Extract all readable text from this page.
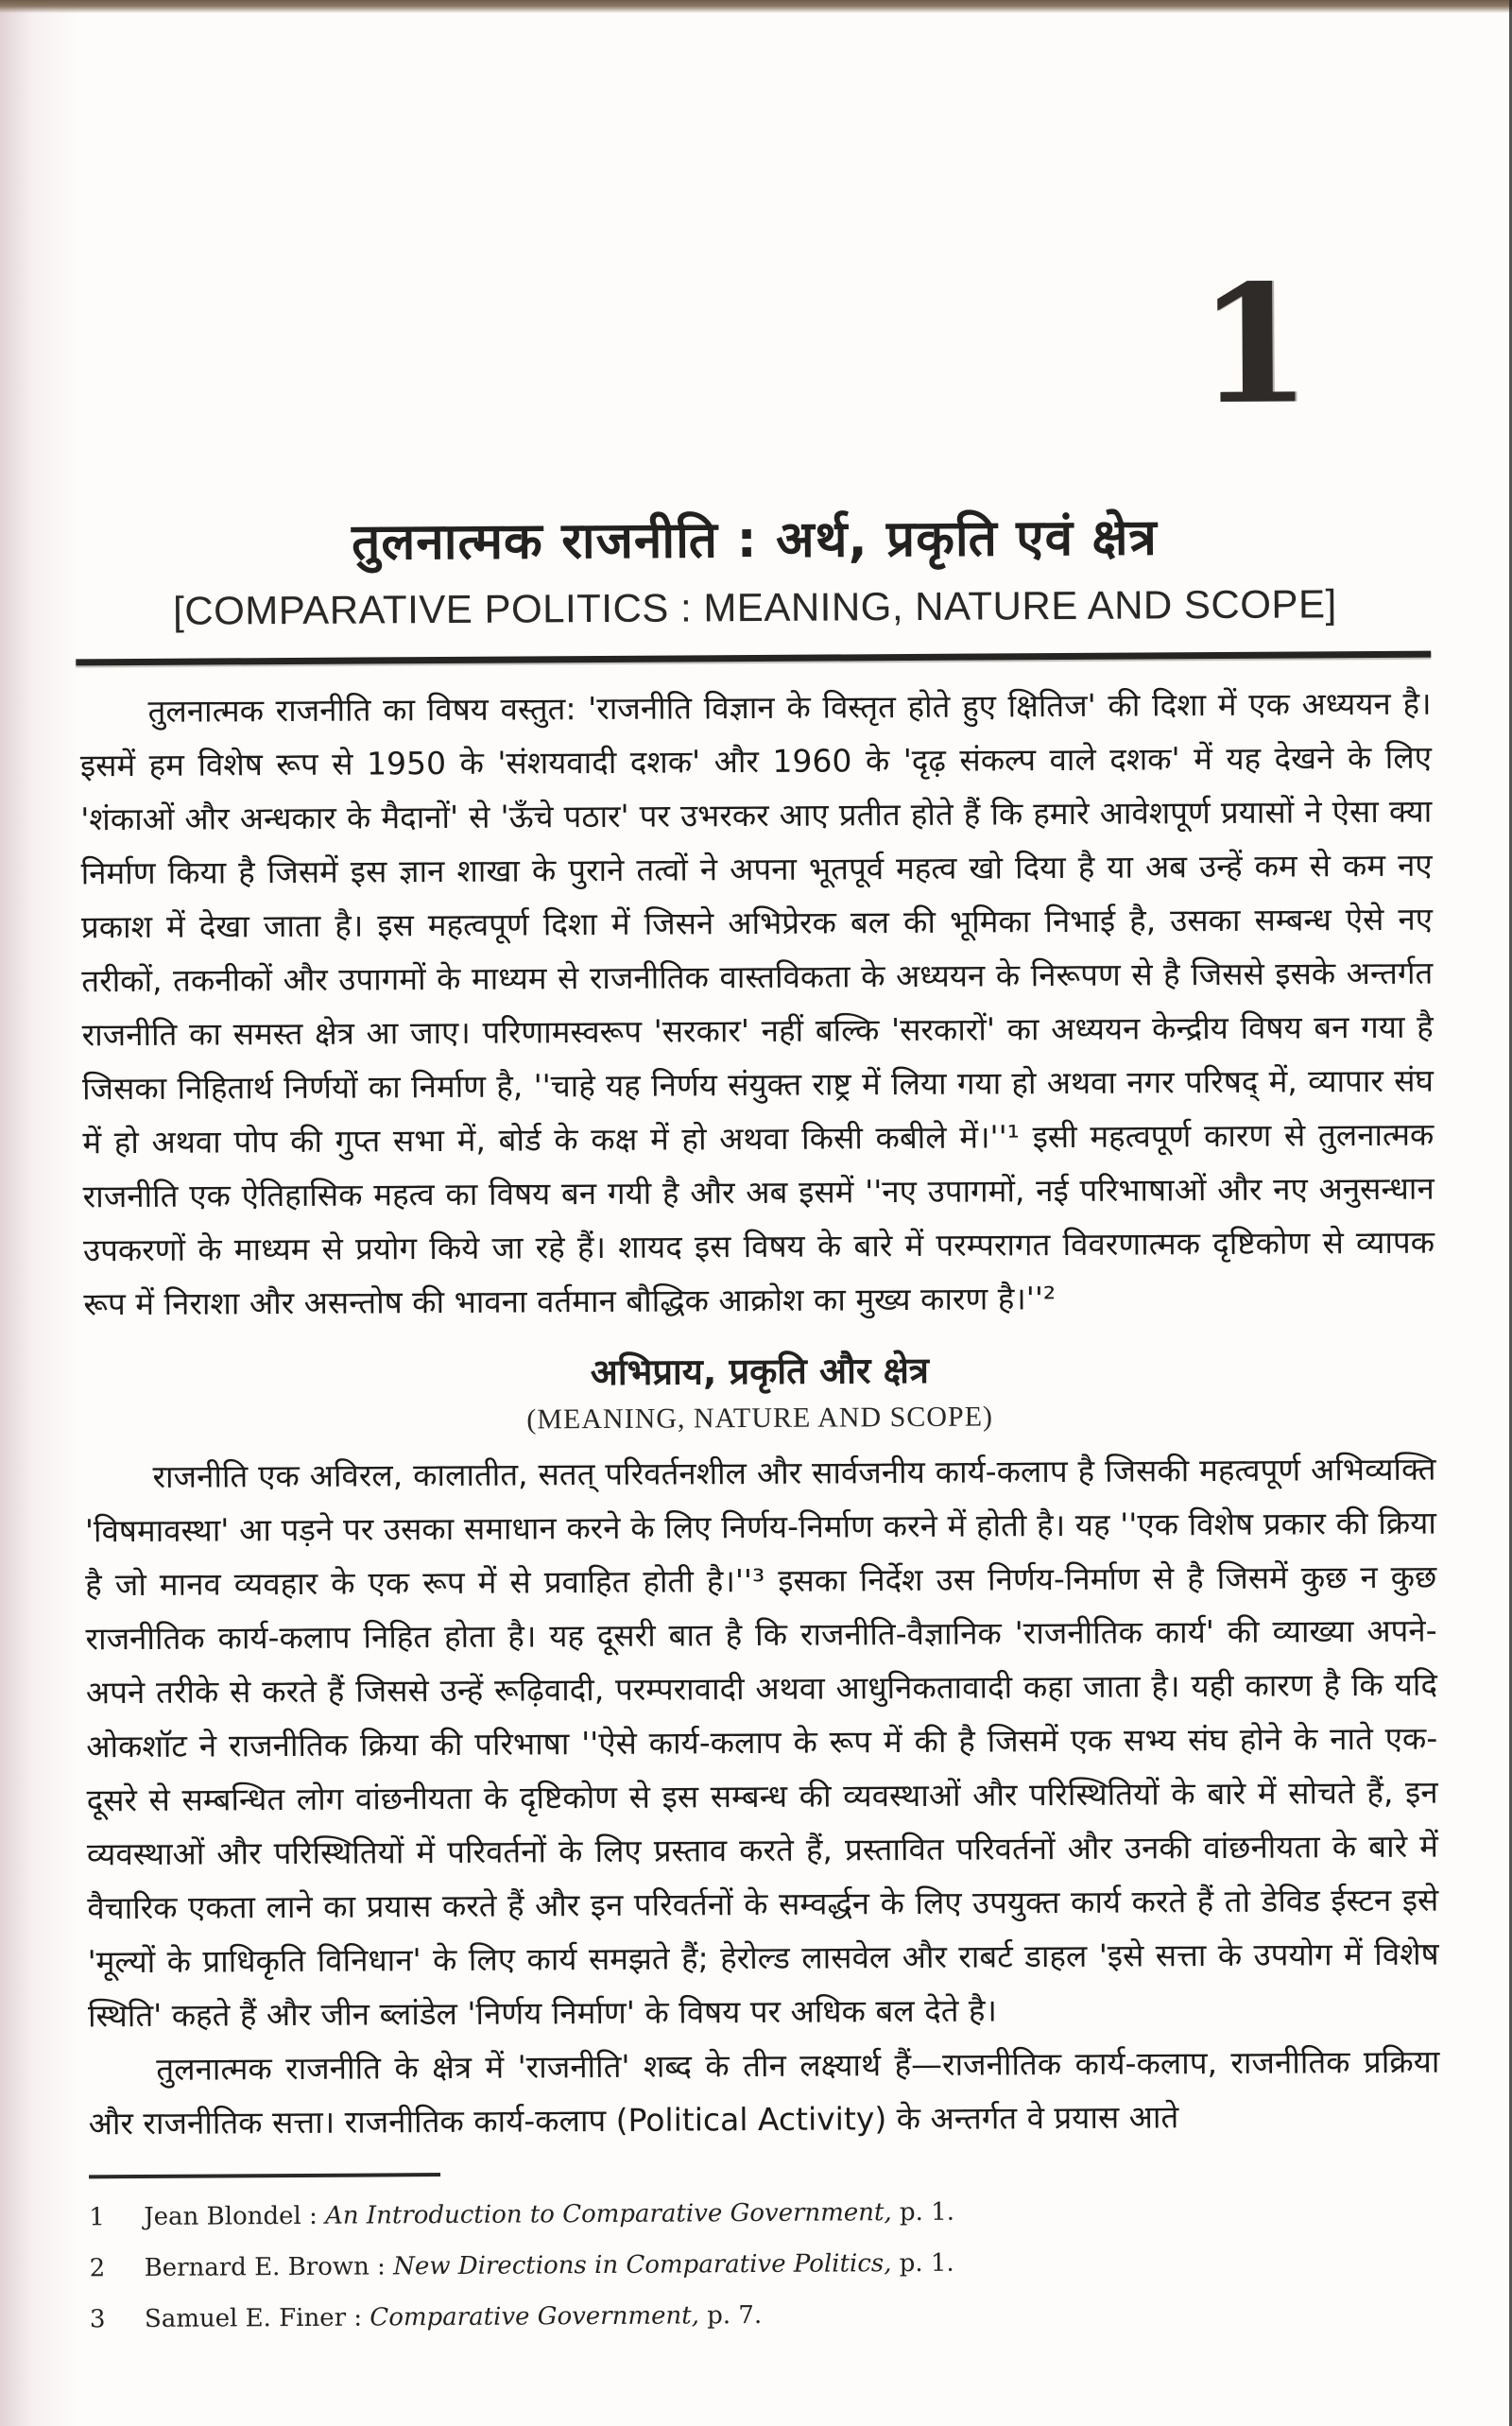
1
तुलनात्मक राजनीति : अर्थ, प्रकृति एवं क्षेत्र
[COMPARATIVE POLITICS : MEANING, NATURE AND SCOPE]

तुलनात्मक राजनीति का विषय वस्तुत: 'राजनीति विज्ञान के विस्तृत होते हुए क्षितिज' की दिशा में एक अध्ययन है। इसमें हम विशेष रूप से 1950 के 'संशयवादी दशक' और 1960 के 'दृढ़ संकल्प वाले दशक' में यह देखने के लिए 'शंकाओं और अन्धकार के मैदानों' से 'ऊँचे पठार' पर उभरकर आए प्रतीत होते हैं कि हमारे आवेशपूर्ण प्रयासों ने ऐसा क्या निर्माण किया है जिसमें इस ज्ञान शाखा के पुराने तत्वों ने अपना भूतपूर्व महत्व खो दिया है या अब उन्हें कम से कम नए प्रकाश में देखा जाता है। इस महत्वपूर्ण दिशा में जिसने अभिप्रेरक बल की भूमिका निभाई है, उसका सम्बन्ध ऐसे नए तरीकों, तकनीकों और उपागमों के माध्यम से राजनीतिक वास्तविकता के अध्ययन के निरूपण से है जिससे इसके अन्तर्गत राजनीति का समस्त क्षेत्र आ जाए। परिणामस्वरूप 'सरकार' नहीं बल्कि 'सरकारों' का अध्ययन केन्द्रीय विषय बन गया है जिसका निहितार्थ निर्णयों का निर्माण है, ''चाहे यह निर्णय संयुक्त राष्ट्र में लिया गया हो अथवा नगर परिषद् में, व्यापार संघ में हो अथवा पोप की गुप्त सभा में, बोर्ड के कक्ष में हो अथवा किसी कबीले में।''¹ इसी महत्वपूर्ण कारण से तुलनात्मक राजनीति एक ऐतिहासिक महत्व का विषय बन गयी है और अब इसमें ''नए उपागमों, नई परिभाषाओं और नए अनुसन्धान उपकरणों के माध्यम से प्रयोग किये जा रहे हैं। शायद इस विषय के बारे में परम्परागत विवरणात्मक दृष्टिकोण से व्यापक रूप में निराशा और असन्तोष की भावना वर्तमान बौद्धिक आक्रोश का मुख्य कारण है।''²

अभिप्राय, प्रकृति और क्षेत्र
(MEANING, NATURE AND SCOPE)

राजनीति एक अविरल, कालातीत, सतत् परिवर्तनशील और सार्वजनीय कार्य-कलाप है जिसकी महत्वपूर्ण अभिव्यक्ति 'विषमावस्था' आ पड़ने पर उसका समाधान करने के लिए निर्णय-निर्माण करने में होती है। यह ''एक विशेष प्रकार की क्रिया है जो मानव व्यवहार के एक रूप में से प्रवाहित होती है।''³ इसका निर्देश उस निर्णय-निर्माण से है जिसमें कुछ न कुछ राजनीतिक कार्य-कलाप निहित होता है। यह दूसरी बात है कि राजनीति-वैज्ञानिक 'राजनीतिक कार्य' की व्याख्या अपने-अपने तरीके से करते हैं जिससे उन्हें रूढ़िवादी, परम्परावादी अथवा आधुनिकतावादी कहा जाता है। यही कारण है कि यदि ओकशॉट ने राजनीतिक क्रिया की परिभाषा ''ऐसे कार्य-कलाप के रूप में की है जिसमें एक सभ्य संघ होने के नाते एक-दूसरे से सम्बन्धित लोग वांछनीयता के दृष्टिकोण से इस सम्बन्ध की व्यवस्थाओं और परिस्थितियों के बारे में सोचते हैं, इन व्यवस्थाओं और परिस्थितियों में परिवर्तनों के लिए प्रस्ताव करते हैं, प्रस्तावित परिवर्तनों और उनकी वांछनीयता के बारे में वैचारिक एकता लाने का प्रयास करते हैं और इन परिवर्तनों के सम्वर्द्धन के लिए उपयुक्त कार्य करते हैं तो डेविड ईस्टन इसे 'मूल्यों के प्राधिकृति विनिधान' के लिए कार्य समझते हैं; हेरोल्ड लासवेल और राबर्ट डाहल 'इसे सत्ता के उपयोग में विशेष स्थिति' कहते हैं और जीन ब्लांडेल 'निर्णय निर्माण' के विषय पर अधिक बल देते है।

तुलनात्मक राजनीति के क्षेत्र में 'राजनीति' शब्द के तीन लक्ष्यार्थ हैं—राजनीतिक कार्य-कलाप, राजनीतिक प्रक्रिया और राजनीतिक सत्ता। राजनीतिक कार्य-कलाप (Political Activity) के अन्तर्गत वे प्रयास आते

1	Jean Blondel : An Introduction to Comparative Government, p. 1.
2	Bernard E. Brown : New Directions in Comparative Politics, p. 1.
3	Samuel E. Finer : Comparative Government, p. 7.
